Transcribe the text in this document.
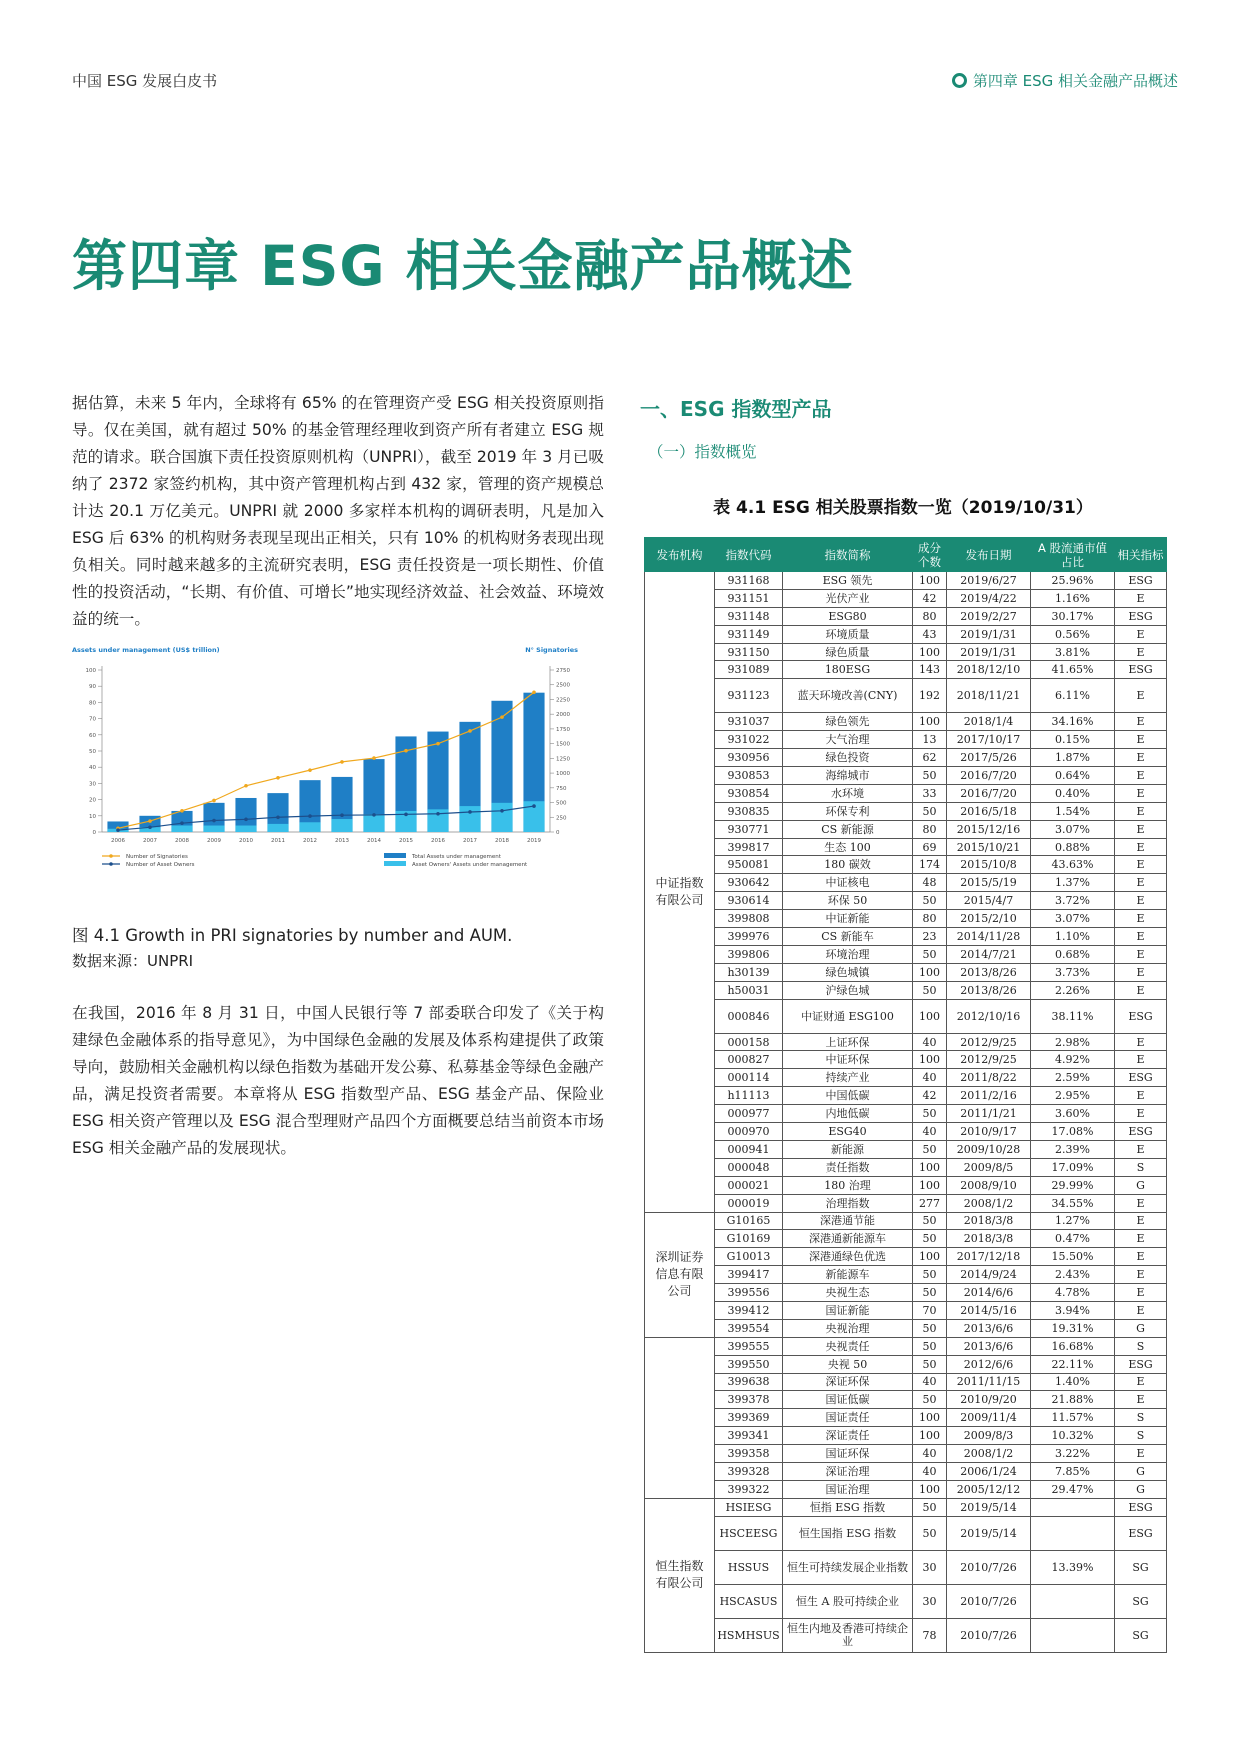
中国 ESG 发展白皮书	第四章 ESG 相关金融产品概述
第四章 ESG 相关金融产品概述

据估算，未来 5 年内，全球将有 65% 的在管理资产受 ESG 相关投资原则指导。仅在美国，就有超过 50% 的基金管理经理收到资产所有者建立 ESG 规范的请求。联合国旗下责任投资原则机构（UNPRI），截至 2019 年 3 月已吸纳了 2372 家签约机构，其中资产管理机构占到 432 家，管理的资产规模总计达 20.1 万亿美元。UNPRI 就 2000 多家样本机构的调研表明，凡是加入 ESG 后 63% 的机构财务表现呈现出正相关，只有 10% 的机构财务表现出现负相关。同时越来越多的主流研究表明，ESG 责任投资是一项长期性、价值性的投资活动，“长期、有价值、可增长”地实现经济效益、社会效益、环境效益的统一。

Assets under management (US$ trillion)	N° Signatories
0
10
20
30
40
50
60
70
80
90
100
0
250
500
750
1000
1250
1500
1750
2000
2250
2500
2750
2006	2007	2008	2009	2010	2011	2012	2013	2014	2015	2016	2017	2018	2019
Number of Signatories
Number of Asset Owners
Total Assets under management
Asset Owners' Assets under management
图 4.1 Growth in PRI signatories by number and AUM.
数据来源：UNPRI

在我国，2016 年 8 月 31 日，中国人民银行等 7 部委联合印发了《关于构建绿色金融体系的指导意见》，为中国绿色金融的发展及体系构建提供了政策导向，鼓励相关金融机构以绿色指数为基础开发公募、私募基金等绿色金融产品，满足投资者需要。本章将从 ESG 指数型产品、ESG 基金产品、保险业 ESG 相关资产管理以及 ESG 混合型理财产品四个方面概要总结当前资本市场 ESG 相关金融产品的发展现状。

一、ESG 指数型产品
（一）指数概览
表 4.1 ESG 相关股票指数一览（2019/10/31）
发布机构	指数代码	指数简称	成分个数	发布日期	A 股流通市值占比	相关指标
中证指数有限公司	931168	ESG 领先	100	2019/6/27	25.96%	ESG
	931151	光伏产业	42	2019/4/22	1.16%	E
	931148	ESG80	80	2019/2/27	30.17%	ESG
	931149	环境质量	43	2019/1/31	0.56%	E
	931150	绿色质量	100	2019/1/31	3.81%	E
	931089	180ESG	143	2018/12/10	41.65%	ESG
	931123	蓝天环境改善(CNY)	192	2018/11/21	6.11%	E
	931037	绿色领先	100	2018/1/4	34.16%	E
	931022	大气治理	13	2017/10/17	0.15%	E
	930956	绿色投资	62	2017/5/26	1.87%	E
	930853	海绵城市	50	2016/7/20	0.64%	E
	930854	水环境	33	2016/7/20	0.40%	E
	930835	环保专利	50	2016/5/18	1.54%	E
	930771	CS 新能源	80	2015/12/16	3.07%	E
	399817	生态 100	69	2015/10/21	0.88%	E
	950081	180 碳效	174	2015/10/8	43.63%	E
	930642	中证核电	48	2015/5/19	1.37%	E
	930614	环保 50	50	2015/4/7	3.72%	E
	399808	中证新能	80	2015/2/10	3.07%	E
	399976	CS 新能车	23	2014/11/28	1.10%	E
	399806	环境治理	50	2014/7/21	0.68%	E
	h30139	绿色城镇	100	2013/8/26	3.73%	E
	h50031	沪绿色城	50	2013/8/26	2.26%	E
	000846	中证财通 ESG100	100	2012/10/16	38.11%	ESG
	000158	上证环保	40	2012/9/25	2.98%	E
	000827	中证环保	100	2012/9/25	4.92%	E
	000114	持续产业	40	2011/8/22	2.59%	ESG
	h11113	中国低碳	42	2011/2/16	2.95%	E
	000977	内地低碳	50	2011/1/21	3.60%	E
	000970	ESG40	40	2010/9/17	17.08%	ESG
	000941	新能源	50	2009/10/28	2.39%	E
	000048	责任指数	100	2009/8/5	17.09%	S
	000021	180 治理	100	2008/9/10	29.99%	G
	000019	治理指数	277	2008/1/2	34.55%	E
深圳证券信息有限公司	G10165	深港通节能	50	2018/3/8	1.27%	E
	G10169	深港通新能源车	50	2018/3/8	0.47%	E
	G10013	深港通绿色优选	100	2017/12/18	15.50%	E
	399417	新能源车	50	2014/9/24	2.43%	E
	399556	央视生态	50	2014/6/6	4.78%	E
	399412	国证新能	70	2014/5/16	3.94%	E
	399554	央视治理	50	2013/6/6	19.31%	G
	399555	央视责任	50	2013/6/6	16.68%	S
	399550	央视 50	50	2012/6/6	22.11%	ESG
	399638	深证环保	40	2011/11/15	1.40%	E
	399378	国证低碳	50	2010/9/20	21.88%	E
	399369	国证责任	100	2009/11/4	11.57%	S
	399341	深证责任	100	2009/8/3	10.32%	S
	399358	国证环保	40	2008/1/2	3.22%	E
	399328	深证治理	40	2006/1/24	7.85%	G
	399322	国证治理	100	2005/12/12	29.47%	G
恒生指数有限公司	HSIESG	恒指 ESG 指数	50	2019/5/14		ESG
	HSCEESG	恒生国指 ESG 指数	50	2019/5/14		ESG
	HSSUS	恒生可持续发展企业指数	30	2010/7/26	13.39%	SG
	HSCASUS	恒生 A 股可持续企业	30	2010/7/26		SG
	HSMHSUS	恒生内地及香港可持续企业	78	2010/7/26		SG
